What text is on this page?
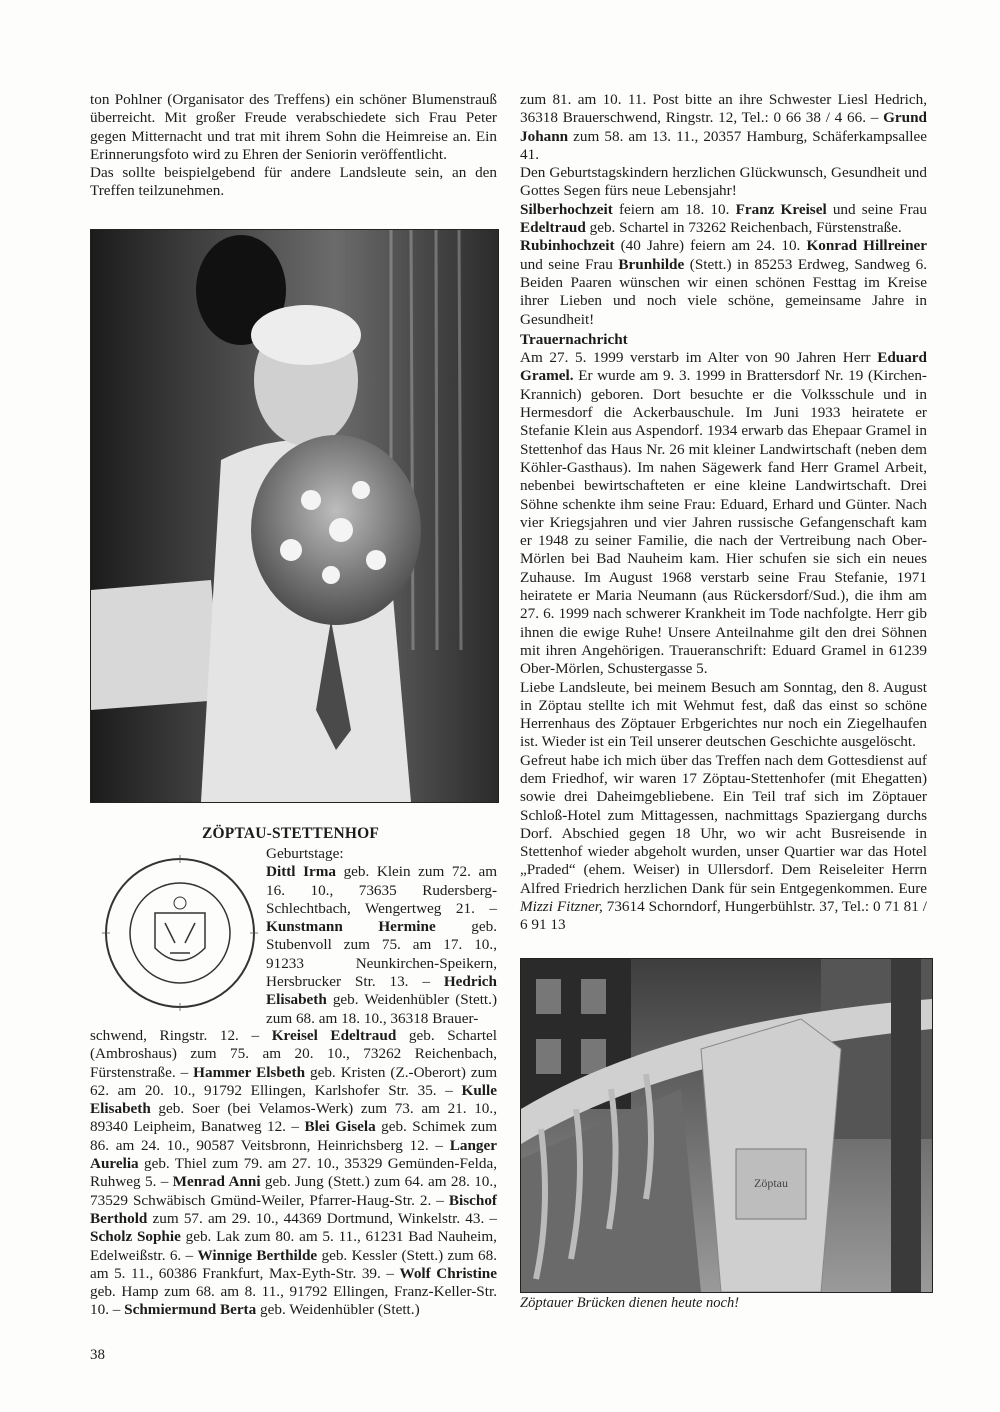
ton Pohlner (Organisator des Treffens) ein schöner Blumenstrauß überreicht. Mit großer Freude verabschiedete sich Frau Peter gegen Mitternacht und trat mit ihrem Sohn die Heimreise an. Ein Erinnerungsfoto wird zu Ehren der Seniorin veröffentlicht.

Das sollte beispielgebend für andere Landsleute sein, an den Treffen teilzunehmen.

ZÖPTAU-STETTENHOF
Geburtstage:

Dittl Irma geb. Klein zum 72. am 16. 10., 73635 Rudersberg-Schlechtbach, Wengertweg 21. – Kunstmann Hermine geb. Stubenvoll zum 75. am 17. 10., 91233 Neunkirchen-Speikern, Hersbrucker Str. 13. – Hedrich Elisabeth geb. Weidenhübler (Stett.) zum 68. am 18. 10., 36318 Brauer-

schwend, Ringstr. 12. – Kreisel Edeltraud geb. Schartel (Ambroshaus) zum 75. am 20. 10., 73262 Reichenbach, Fürstenstraße. – Hammer Elsbeth geb. Kristen (Z.-Oberort) zum 62. am 20. 10., 91792 Ellingen, Karlshofer Str. 35. – Kulle Elisabeth geb. Soer (bei Velamos-Werk) zum 73. am 21. 10., 89340 Leipheim, Banatweg 12. – Blei Gisela geb. Schimek zum 86. am 24. 10., 90587 Veitsbronn, Heinrichsberg 12. – Langer Aurelia geb. Thiel zum 79. am 27. 10., 35329 Gemünden-Felda, Ruhweg 5. – Menrad Anni geb. Jung (Stett.) zum 64. am 28. 10., 73529 Schwäbisch Gmünd-Weiler, Pfarrer-Haug-Str. 2. – Bischof Berthold zum 57. am 29. 10., 44369 Dortmund, Winkelstr. 43. – Scholz Sophie geb. Lak zum 80. am 5. 11., 61231 Bad Nauheim, Edelweißstr. 6. – Winnige Berthilde geb. Kessler (Stett.) zum 68. am 5. 11., 60386 Frankfurt, Max-Eyth-Str. 39. – Wolf Christine geb. Hamp zum 68. am 8. 11., 91792 Ellingen, Franz-Keller-Str. 10. – Schmiermund Berta geb. Weidenhübler (Stett.)

zum 81. am 10. 11. Post bitte an ihre Schwester Liesl Hedrich, 36318 Brauerschwend, Ringstr. 12, Tel.: 0 66 38 / 4 66. – Grund Johann zum 58. am 13. 11., 20357 Hamburg, Schäferkampsallee 41.

Den Geburtstagskindern herzlichen Glückwunsch, Gesundheit und Gottes Segen fürs neue Lebensjahr!

Silberhochzeit feiern am 18. 10. Franz Kreisel und seine Frau Edeltraud geb. Schartel in 73262 Reichenbach, Fürstenstraße.

Rubinhochzeit (40 Jahre) feiern am 24. 10. Konrad Hillreiner und seine Frau Brunhilde (Stett.) in 85253 Erdweg, Sandweg 6. Beiden Paaren wünschen wir einen schönen Festtag im Kreise ihrer Lieben und noch viele schöne, gemeinsame Jahre in Gesundheit!

Trauernachricht

Am 27. 5. 1999 verstarb im Alter von 90 Jahren Herr Eduard Gramel. Er wurde am 9. 3. 1999 in Brattersdorf Nr. 19 (Kirchen-Krannich) geboren. Dort besuchte er die Volksschule und in Hermesdorf die Ackerbauschule. Im Juni 1933 heiratete er Stefanie Klein aus Aspendorf. 1934 erwarb das Ehepaar Gramel in Stettenhof das Haus Nr. 26 mit kleiner Landwirtschaft (neben dem Köhler-Gasthaus). Im nahen Sägewerk fand Herr Gramel Arbeit, nebenbei bewirtschafteten er eine kleine Landwirtschaft. Drei Söhne schenkte ihm seine Frau: Eduard, Erhard und Günter. Nach vier Kriegsjahren und vier Jahren russische Gefangenschaft kam er 1948 zu seiner Familie, die nach der Vertreibung nach Ober-Mörlen bei Bad Nauheim kam. Hier schufen sie sich ein neues Zuhause. Im August 1968 verstarb seine Frau Stefanie, 1971 heiratete er Maria Neumann (aus Rückersdorf/Sud.), die ihm am 27. 6. 1999 nach schwerer Krankheit im Tode nachfolgte. Herr gib ihnen die ewige Ruhe! Unsere Anteilnahme gilt den drei Söhnen mit ihren Angehörigen. Traueranschrift: Eduard Gramel in 61239 Ober-Mörlen, Schustergasse 5.

Liebe Landsleute, bei meinem Besuch am Sonntag, den 8. August in Zöptau stellte ich mit Wehmut fest, daß das einst so schöne Herrenhaus des Zöptauer Erbgerichtes nur noch ein Ziegelhaufen ist. Wieder ist ein Teil unserer deutschen Geschichte ausgelöscht.

Gefreut habe ich mich über das Treffen nach dem Gottesdienst auf dem Friedhof, wir waren 17 Zöptau-Stettenhofer (mit Ehegatten) sowie drei Daheimgebliebene. Ein Teil traf sich im Zöptauer Schloß-Hotel zum Mittagessen, nachmittags Spaziergang durchs Dorf. Abschied gegen 18 Uhr, wo wir acht Busreisende in Stettenhof wieder abgeholt wurden, unser Quartier war das Hotel „Praded“ (ehem. Weiser) in Ullersdorf. Dem Reiseleiter Herrn Alfred Friedrich herzlichen Dank für sein Entgegenkommen. Eure Mizzi Fitzner, 73614 Schorndorf, Hungerbühlstr. 37, Tel.: 0 71 81 / 6 91 13

Zöptau
Zöptauer Brücken dienen heute noch!
38
